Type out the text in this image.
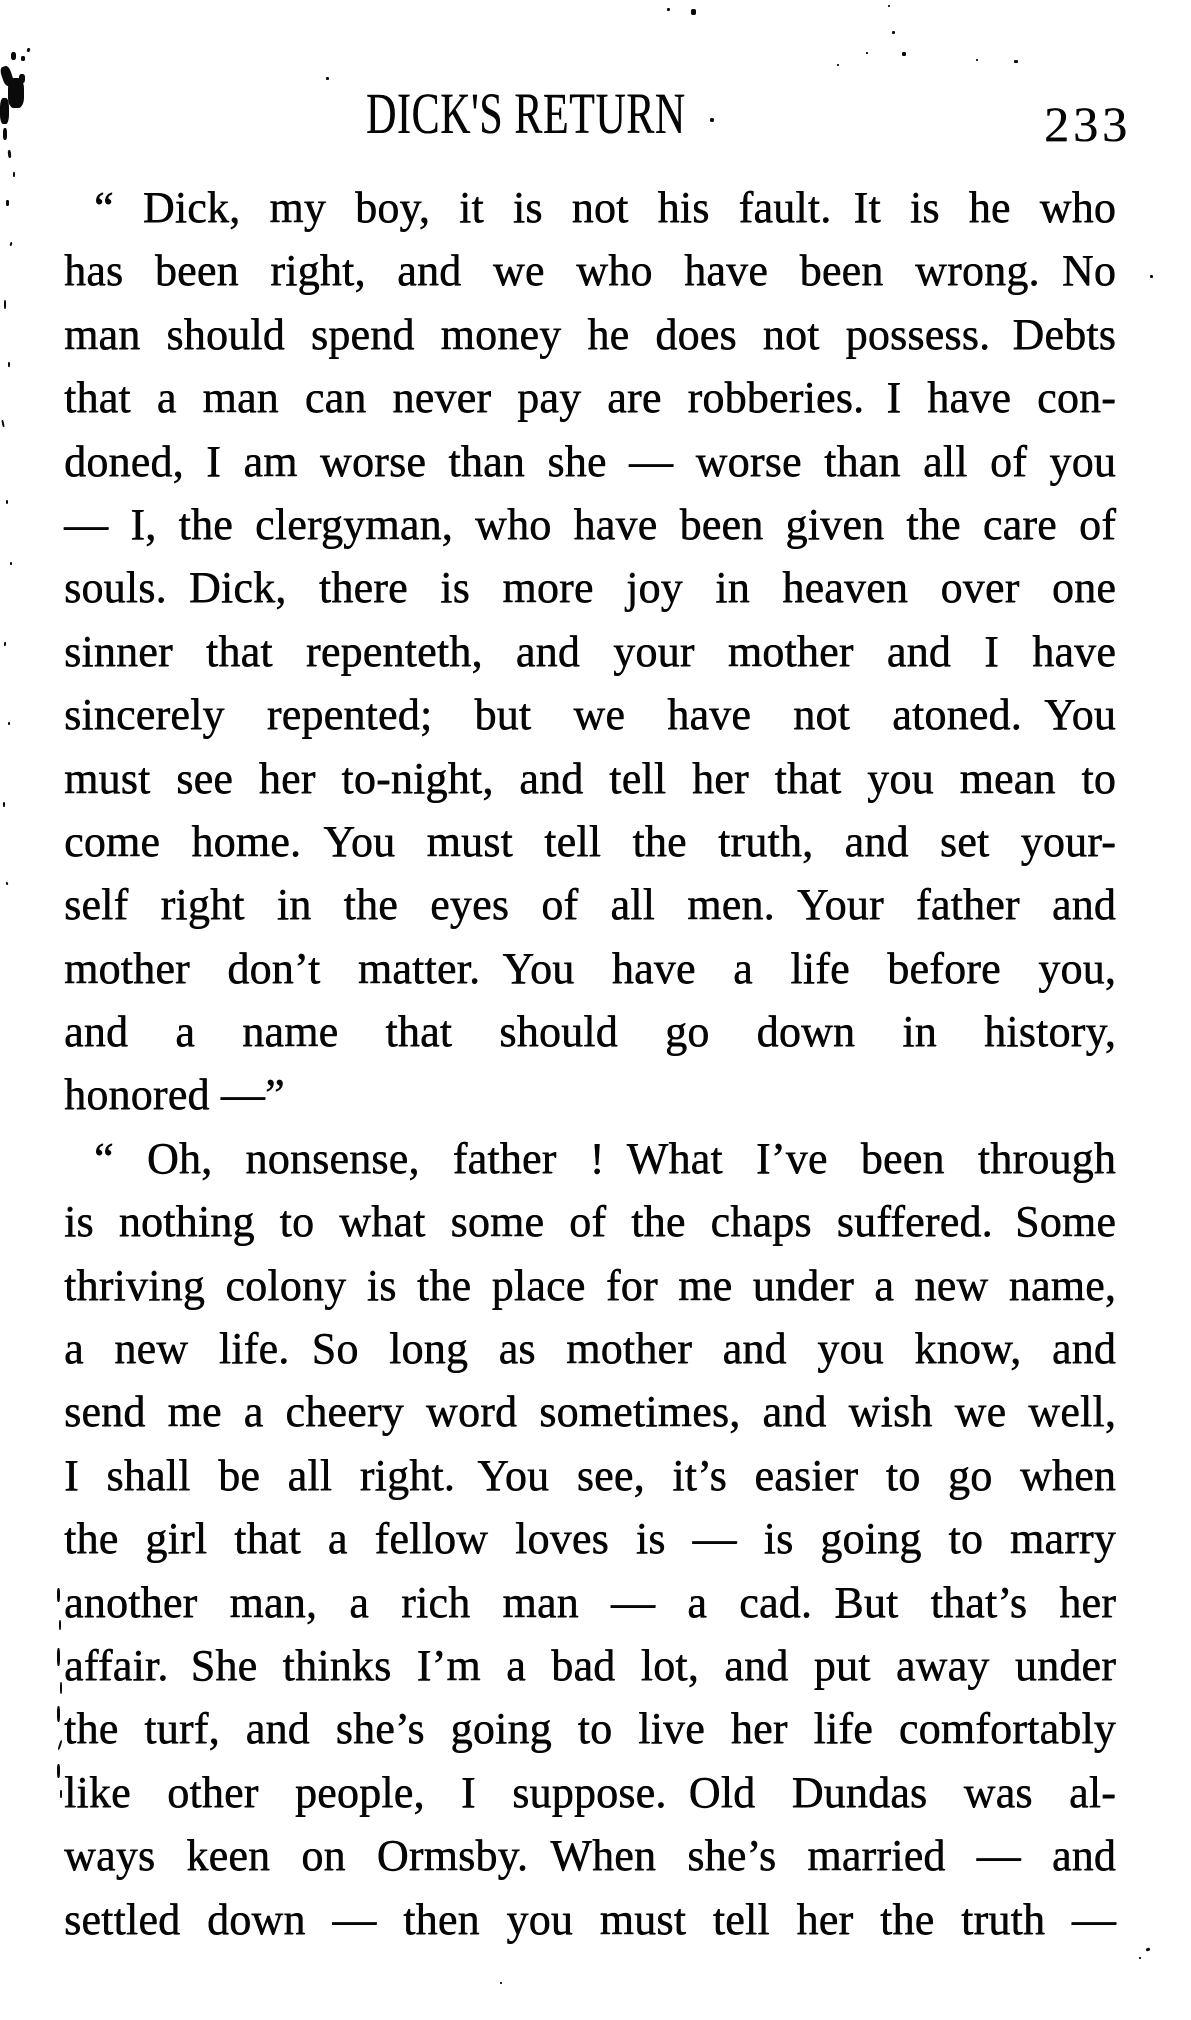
DICK'S RETURN	233
“ Dick, my boy, it is not his fault. It is he who
has been right, and we who have been wrong. No
man should spend money he does not possess. Debts
that a man can never pay are robberies. I have con-
doned, I am worse than she — worse than all of you
— I, the clergyman, who have been given the care of
souls. Dick, there is more joy in heaven over one
sinner that repenteth, and your mother and I have
sincerely repented; but we have not atoned. You
must see her to-night, and tell her that you mean to
come home. You must tell the truth, and set your-
self right in the eyes of all men. Your father and
mother don’t matter. You have a life before you,
and a name that should go down in history,
honored —”
“ Oh, nonsense, father ! What I’ve been through
is nothing to what some of the chaps suffered. Some
thriving colony is the place for me under a new name,
a new life. So long as mother and you know, and
send me a cheery word sometimes, and wish we well,
I shall be all right. You see, it’s easier to go when
the girl that a fellow loves is — is going to marry
another man, a rich man — a cad. But that’s her
affair. She thinks I’m a bad lot, and put away under
the turf, and she’s going to live her life comfortably
like other people, I suppose. Old Dundas was al-
ways keen on Ormsby. When she’s married — and
settled down — then you must tell her the truth —
